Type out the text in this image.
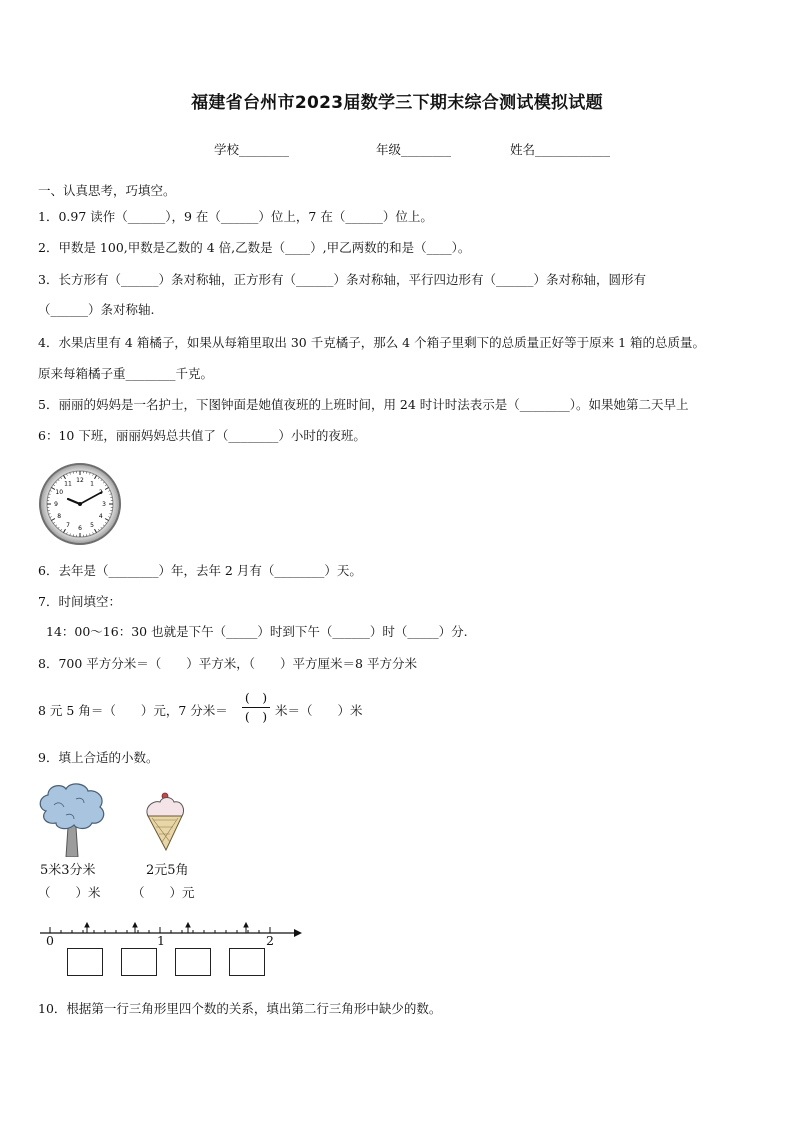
福建省台州市2023届数学三下期末综合测试模拟试题
学校________	年级________	姓名____________
一、认真思考，巧填空。
1．0.97 读作（______），9 在（______）位上，7 在（______）位上。
2．甲数是 100,甲数是乙数的 4 倍,乙数是（____）,甲乙两数的和是（____）。
3．长方形有（______）条对称轴，正方形有（______）条对称轴，平行四边形有（______）条对称轴，圆形有
（______）条对称轴.
4．水果店里有 4 箱橘子，如果从每箱里取出 30 千克橘子，那么 4 个箱子里剩下的总质量正好等于原来 1 箱的总质量。
原来每箱橘子重________千克。
5．丽丽的妈妈是一名护士，下图钟面是她值夜班的上班时间，用 24 时计时法表示是（________）。如果她第二天早上
6：10 下班，丽丽妈妈总共值了（________）小时的夜班。
12 1
3
4
5
6
7
8
9
10
11
6．去年是（________）年，去年 2 月有（________）天。
7．时间填空：
14：00～16：30 也就是下午（_____）时到下午（______）时（_____）分.
8．700 平方分米＝（　　）平方米，（　　）平方厘米＝8 平方分米
8 元 5 角＝（　　）元，7 分米＝
(　)
(　) 米＝（　　）米
9．填上合适的小数。
5米3分米	2元5角
（　　）米	（　　）元
0	1	2
10．根据第一行三角形里四个数的关系，填出第二行三角形中缺少的数。
